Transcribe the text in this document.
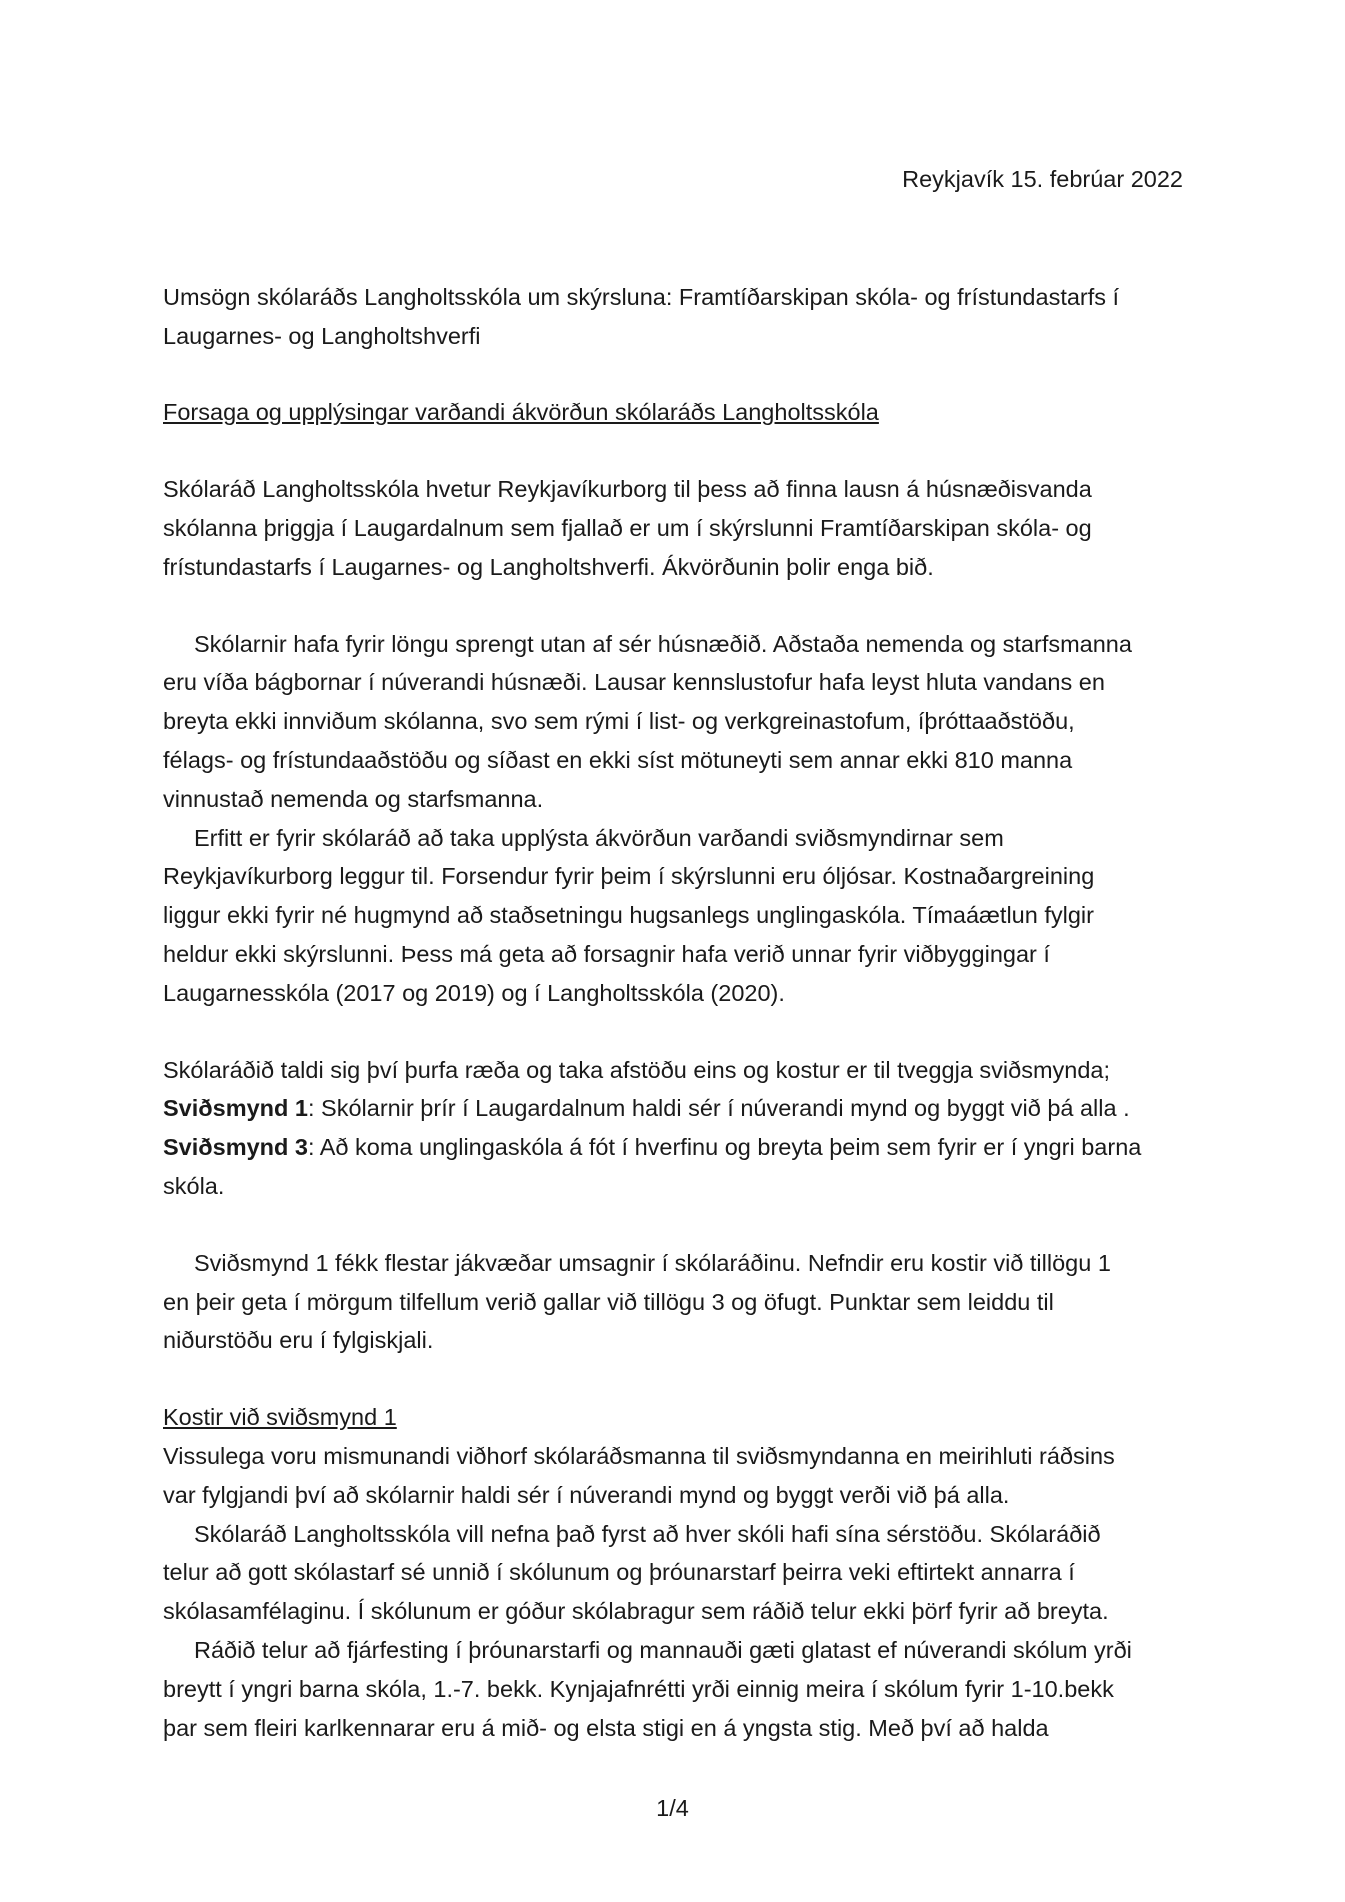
Reykjavík 15. febrúar 2022

Umsögn skólaráðs Langholtsskóla um skýrsluna: Framtíðarskipan skóla- og frístundastarfs í
Laugarnes- og Langholtshverfi

Forsaga og upplýsingar varðandi ákvörðun skólaráðs Langholtsskóla

Skólaráð Langholtsskóla hvetur Reykjavíkurborg til þess að finna lausn á húsnæðisvanda
skólanna þriggja í Laugardalnum sem fjallað er um í skýrslunni Framtíðarskipan skóla- og
frístundastarfs í Laugarnes- og Langholtshverfi. Ákvörðunin þolir enga bið.

Skólarnir hafa fyrir löngu sprengt utan af sér húsnæðið. Aðstaða nemenda og starfsmanna
eru víða bágbornar í núverandi húsnæði. Lausar kennslustofur hafa leyst hluta vandans en
breyta ekki innviðum skólanna, svo sem rými í list- og verkgreinastofum, íþróttaaðstöðu,
félags- og frístundaaðstöðu og síðast en ekki síst mötuneyti sem annar ekki 810 manna
vinnustað nemenda og starfsmanna.

Erfitt er fyrir skólaráð að taka upplýsta ákvörðun varðandi sviðsmyndirnar sem
Reykjavíkurborg leggur til. Forsendur fyrir þeim í skýrslunni eru óljósar. Kostnaðargreining
liggur ekki fyrir né hugmynd að staðsetningu hugsanlegs unglingaskóla. Tímaáætlun fylgir
heldur ekki skýrslunni. Þess má geta að forsagnir hafa verið unnar fyrir viðbyggingar í
Laugarnesskóla (2017 og 2019) og í Langholtsskóla (2020).

Skólaráðið taldi sig því þurfa ræða og taka afstöðu eins og kostur er til tveggja sviðsmynda;
Sviðsmynd 1: Skólarnir þrír í Laugardalnum haldi sér í núverandi mynd og byggt við þá alla .
Sviðsmynd 3: Að koma unglingaskóla á fót í hverfinu og breyta þeim sem fyrir er í yngri barna
skóla.

Sviðsmynd 1 fékk flestar jákvæðar umsagnir í skólaráðinu. Nefndir eru kostir við tillögu 1
en þeir geta í mörgum tilfellum verið gallar við tillögu 3 og öfugt. Punktar sem leiddu til
niðurstöðu eru í fylgiskjali.

Kostir við sviðsmynd 1

Vissulega voru mismunandi viðhorf skólaráðsmanna til sviðsmyndanna en meirihluti ráðsins
var fylgjandi því að skólarnir haldi sér í núverandi mynd og byggt verði við þá alla.

Skólaráð Langholtsskóla vill nefna það fyrst að hver skóli hafi sína sérstöðu. Skólaráðið
telur að gott skólastarf sé unnið í skólunum og þróunarstarf þeirra veki eftirtekt annarra í
skólasamfélaginu. Í skólunum er góður skólabragur sem ráðið telur ekki þörf fyrir að breyta.

Ráðið telur að fjárfesting í þróunarstarfi og mannauði gæti glatast ef núverandi skólum yrði
breytt í yngri barna skóla, 1.-7. bekk. Kynjajafnrétti yrði einnig meira í skólum fyrir 1-10.bekk
þar sem fleiri karlkennarar eru á mið- og elsta stigi en á yngsta stig. Með því að halda

1/4
